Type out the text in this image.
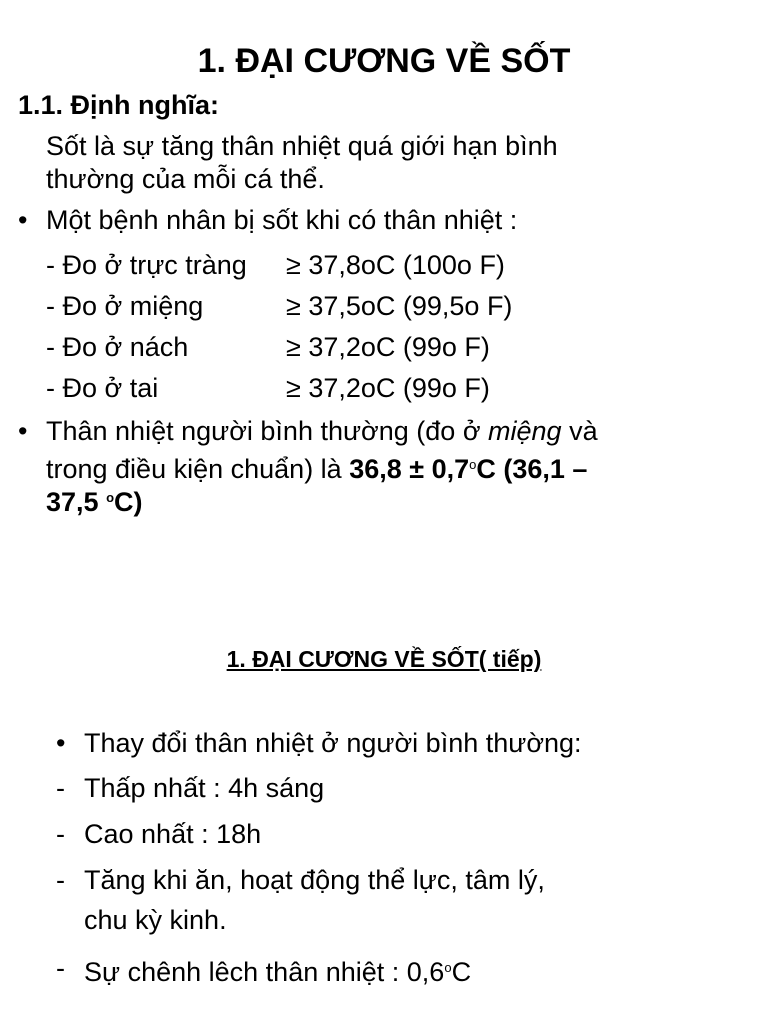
1. ĐẠI CƯƠNG VỀ SỐT
1.1. Định nghĩa:

Sốt là sự tăng thân nhiệt quá giới hạn bình

thường của mỗi cá thể.

• Một bệnh nhân bị sốt khi có thân nhiệt :
- Đo ở trực tràng ≥ 37,8oC (100o F)
- Đo ở miệng	≥ 37,5oC (99,5o F)
- Đo ở nách	≥ 37,2oC (99o F)
- Đo ở tai	≥ 37,2oC (99o F)
• Thân nhiệt người bình thường (đo ở miệng và
trong điều kiện chuẩn) là $36,8 \pm 0,7^oC$ (36,1 –
37,5 $^o$C)
1. ĐẠI CƯƠNG VỀ SỐT( tiếp)
• Thay đổi thân nhiệt ở người bình thường:
- Thấp nhất : 4h sáng
- Cao nhất : 18h
- Tăng khi ăn, hoạt động thể lực, tâm lý,
chu kỳ kinh.
- Sự chênh lêch thân nhiệt : 0,6$^o$C
